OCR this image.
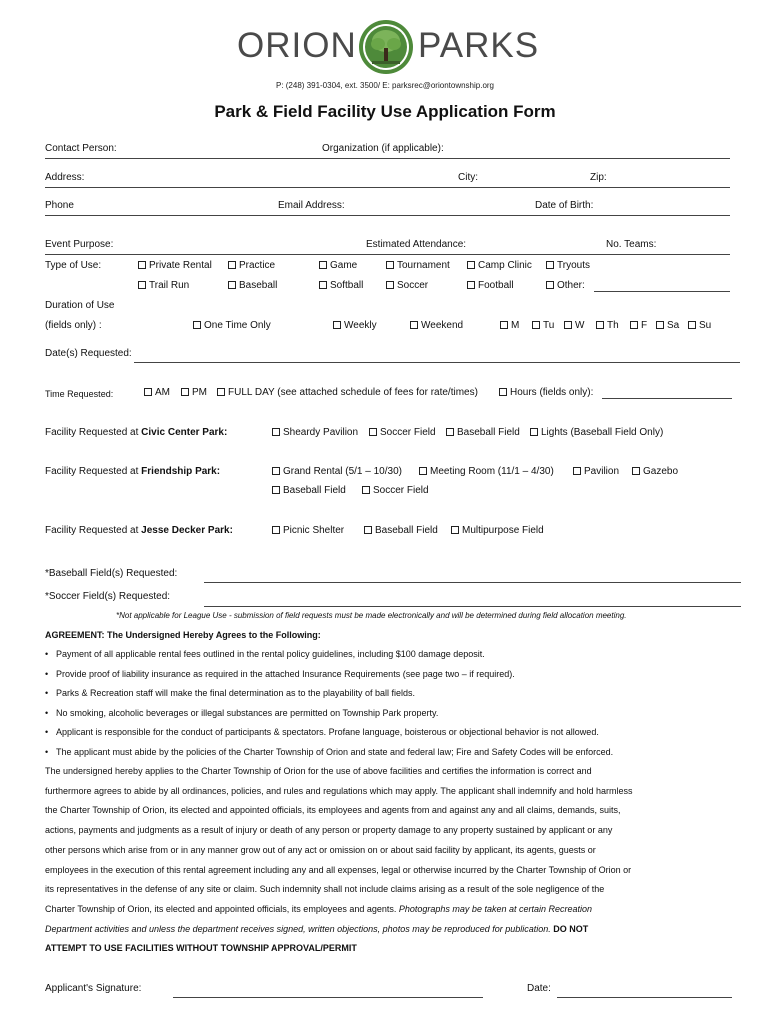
ORION PARKS
P: (248) 391-0304, ext. 3500/ E: parksrec@oriontownship.org
Park & Field Facility Use Application Form
Contact Person:	Organization (if applicable):
Address:	City:	Zip:
Phone	Email Address:	Date of Birth:
Event Purpose:	Estimated Attendance:	No. Teams:
Type of Use:	Private Rental	Practice	Game	Tournament	Camp Clinic	Tryouts
Trail Run	Baseball	Softball	Soccer	Football	Other:
Duration of Use
(fields only) :	One Time Only	Weekly	Weekend	M	Tu	W	Th	F	Sa	Su
Date(s) Requested:
Time Requested:	AM	PM	FULL DAY (see attached schedule of fees for rate/times)	Hours (fields only):
Facility Requested at Civic Center Park:	Sheardy Pavilion	Soccer Field	Baseball Field	Lights (Baseball Field Only)
Facility Requested at Friendship Park:	Grand Rental (5/1 – 10/30)	Meeting Room (11/1 – 4/30)	Pavilion	Gazebo
Baseball Field	Soccer Field
Facility Requested at Jesse Decker Park:	Picnic Shelter	Baseball Field	Multipurpose Field
*Baseball Field(s) Requested:
*Soccer Field(s) Requested:
*Not applicable for League Use - submission of field requests must be made electronically and will be determined during field allocation meeting.
AGREEMENT: The Undersigned Hereby Agrees to the Following:
• Payment of all applicable rental fees outlined in the rental policy guidelines, including $100 damage deposit.
• Provide proof of liability insurance as required in the attached Insurance Requirements (see page two – if required).
• Parks & Recreation staff will make the final determination as to the playability of ball fields.
• No smoking, alcoholic beverages or illegal substances are permitted on Township Park property.
• Applicant is responsible for the conduct of participants & spectators. Profane language, boisterous or objectional behavior is not allowed.
• The applicant must abide by the policies of the Charter Township of Orion and state and federal law; Fire and Safety Codes will be enforced.
The undersigned hereby applies to the Charter Township of Orion for the use of above facilities and certifies the information is correct and
furthermore agrees to abide by all ordinances, policies, and rules and regulations which may apply. The applicant shall indemnify and hold harmless
the Charter Township of Orion, its elected and appointed officials, its employees and agents from and against any and all claims, demands, suits,
actions, payments and judgments as a result of injury or death of any person or property damage to any property sustained by applicant or any
other persons which arise from or in any manner grow out of any act or omission on or about said facility by applicant, its agents, guests or
employees in the execution of this rental agreement including any and all expenses, legal or otherwise incurred by the Charter Township of Orion or
its representatives in the defense of any site or claim. Such indemnity shall not include claims arising as a result of the sole negligence of the
Charter Township of Orion, its elected and appointed officials, its employees and agents. Photographs may be taken at certain Recreation
Department activities and unless the department receives signed, written objections, photos may be reproduced for publication. DO NOT
ATTEMPT TO USE FACILITIES WITHOUT TOWNSHIP APPROVAL/PERMIT
Applicant's Signature:	Date:
